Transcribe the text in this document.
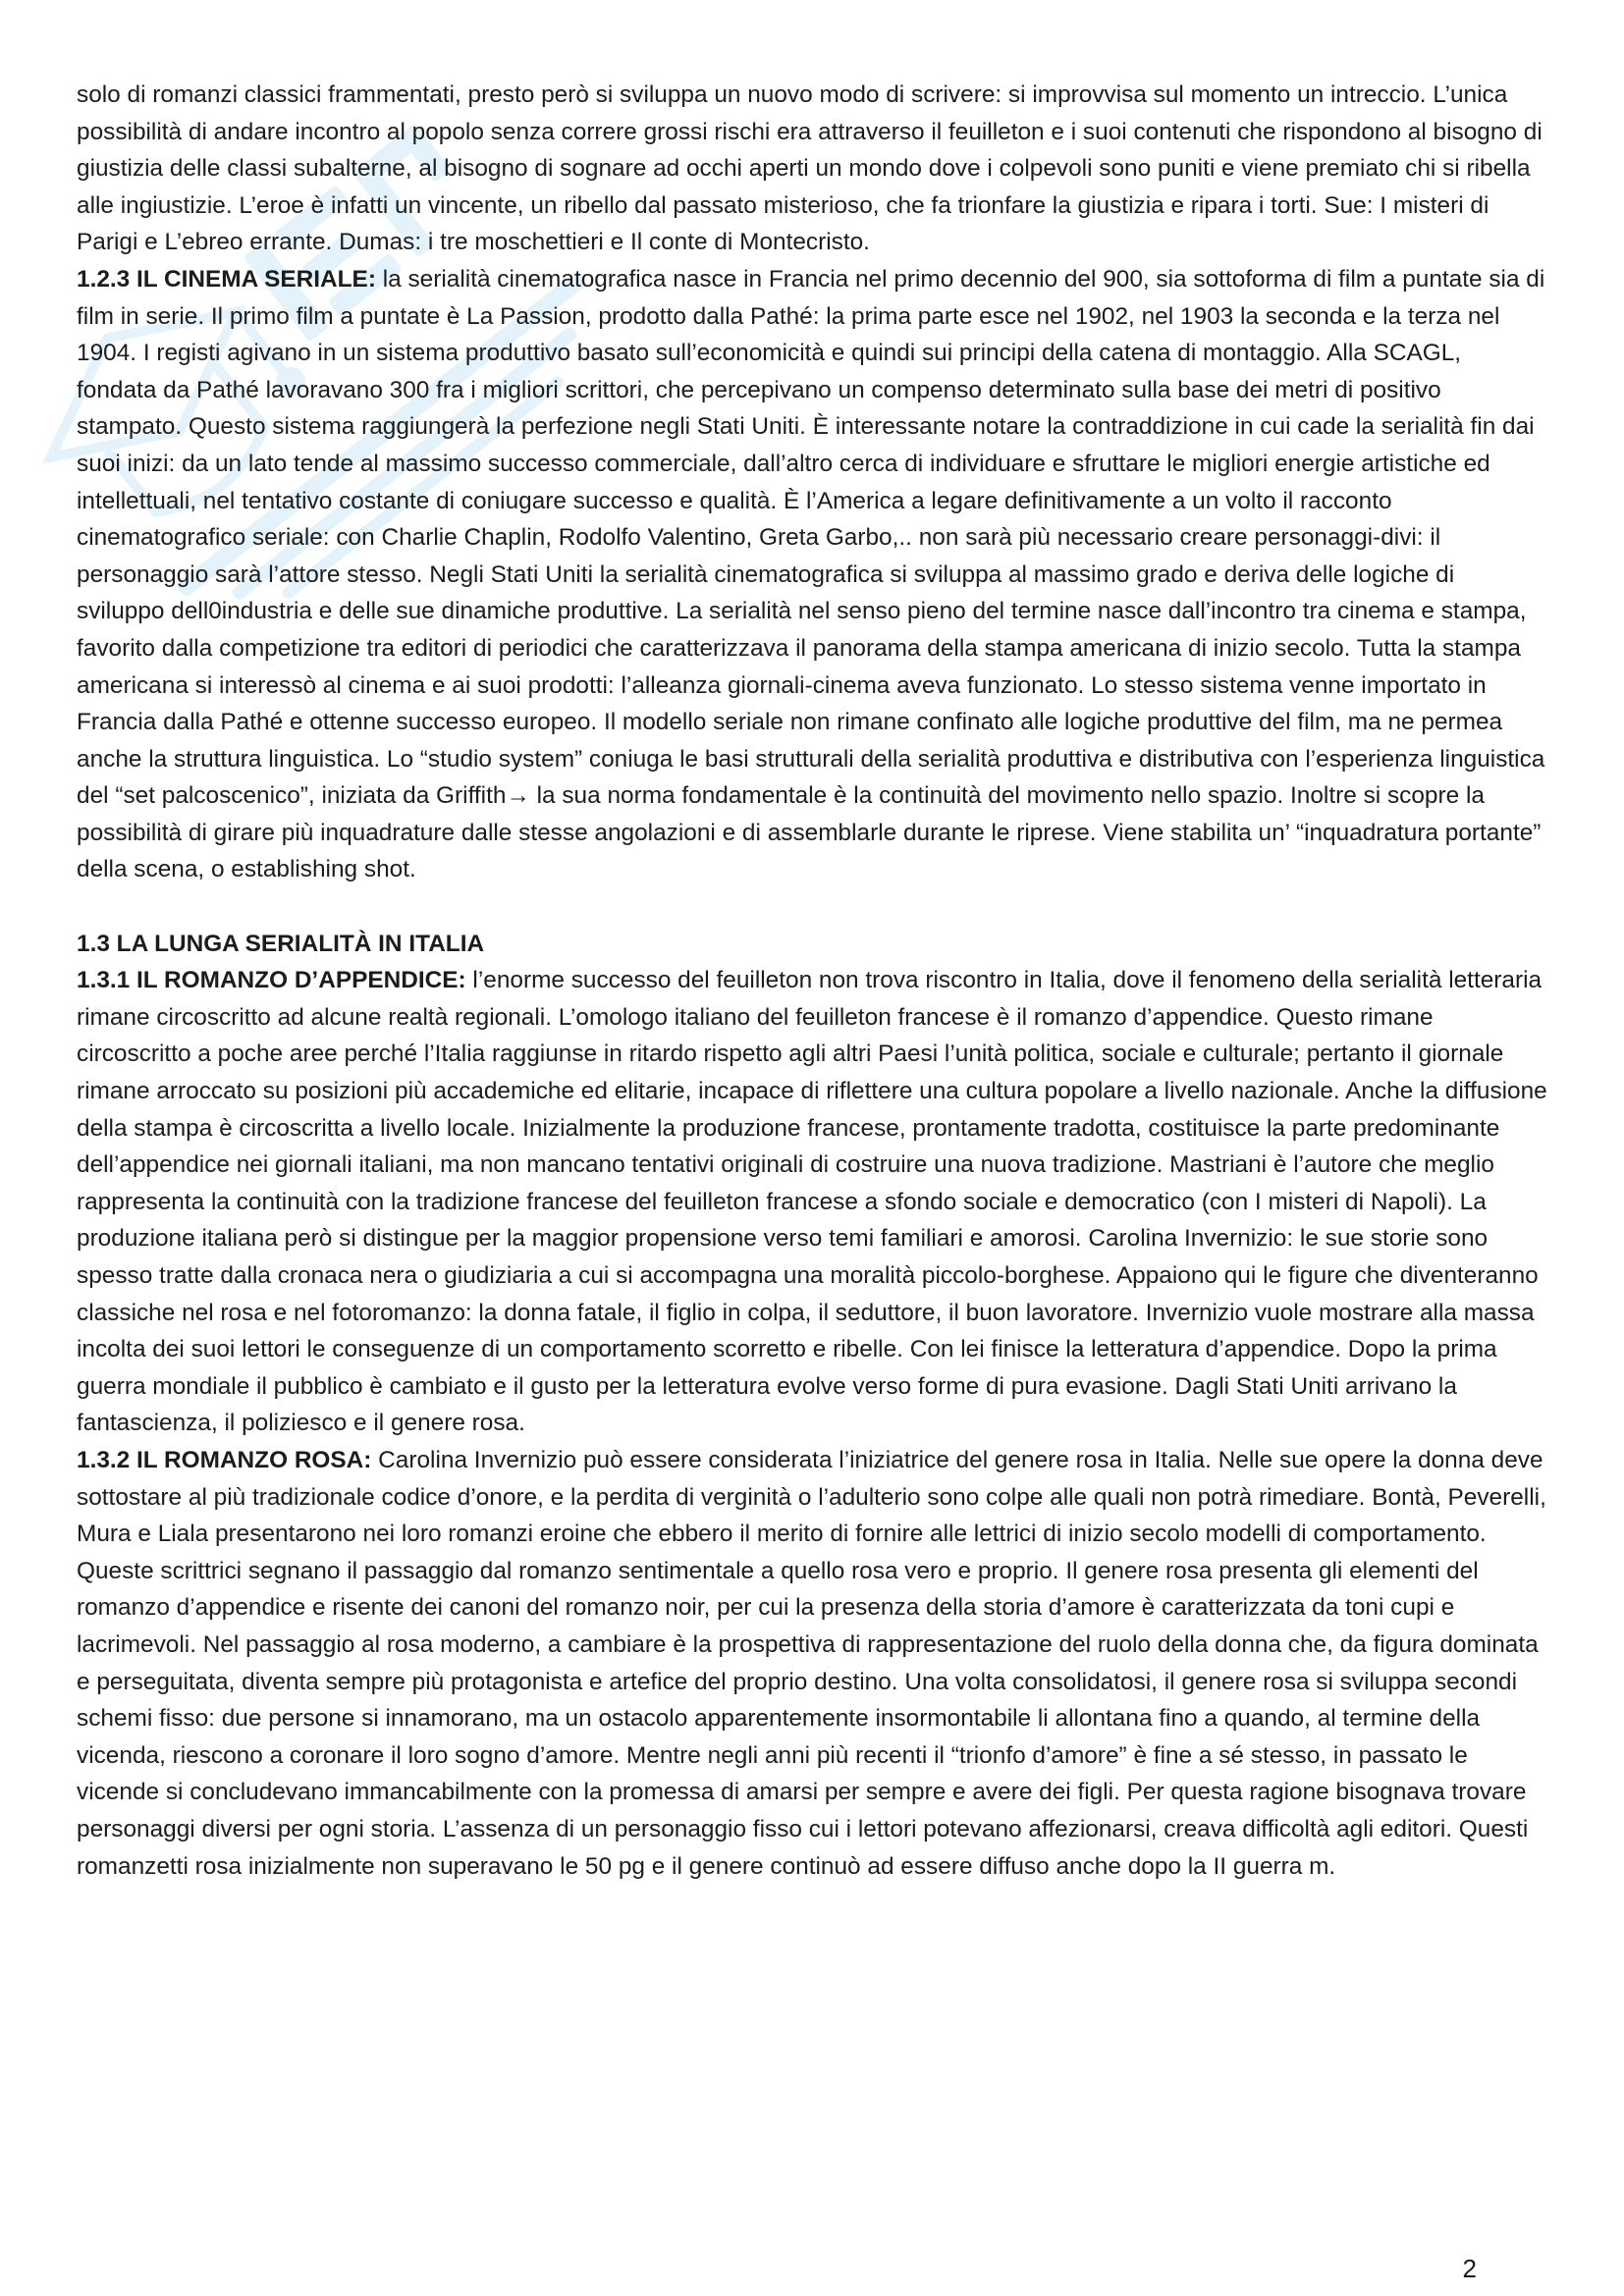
solo di romanzi classici frammentati, presto però si sviluppa un nuovo modo di scrivere: si improvvisa sul momento un intreccio. L’unica possibilità di andare incontro al popolo senza correre grossi rischi era attraverso il feuilleton e i suoi contenuti che rispondono al bisogno di giustizia delle classi subalterne, al bisogno di sognare ad occhi aperti un mondo dove i colpevoli sono puniti e viene premiato chi si ribella alle ingiustizie. L’eroe è infatti un vincente, un ribello dal passato misterioso, che fa trionfare la giustizia e ripara i torti. Sue: I misteri di Parigi e L’ebreo errante. Dumas: i tre moschettieri e Il conte di Montecristo.

1.2.3 IL CINEMA SERIALE: la serialità cinematografica nasce in Francia nel primo decennio del 900, sia sottoforma di film a puntate sia di film in serie. Il primo film a puntate è La Passion, prodotto dalla Pathé: la prima parte esce nel 1902, nel 1903 la seconda e la terza nel 1904. I registi agivano in un sistema produttivo basato sull’economicità e quindi sui principi della catena di montaggio. Alla SCAGL, fondata da Pathé lavoravano 300 fra i migliori scrittori, che percepivano un compenso determinato sulla base dei metri di positivo stampato. Questo sistema raggiungerà la perfezione negli Stati Uniti. È interessante notare la contraddizione in cui cade la serialità fin dai suoi inizi: da un lato tende al massimo successo commerciale, dall’altro cerca di individuare e sfruttare le migliori energie artistiche ed intellettuali, nel tentativo costante di coniugare successo e qualità. È l’America a legare definitivamente a un volto il racconto cinematografico seriale: con Charlie Chaplin, Rodolfo Valentino, Greta Garbo,.. non sarà più necessario creare personaggi-divi: il personaggio sarà l’attore stesso. Negli Stati Uniti la serialità cinematografica si sviluppa al massimo grado e deriva delle logiche di sviluppo dell0industria e delle sue dinamiche produttive. La serialità nel senso pieno del termine nasce dall’incontro tra cinema e stampa, favorito dalla competizione tra editori di periodici che caratterizzava il panorama della stampa americana di inizio secolo. Tutta la stampa americana si interessò al cinema e ai suoi prodotti: l’alleanza giornali-cinema aveva funzionato. Lo stesso sistema venne importato in Francia dalla Pathé e ottenne successo europeo. Il modello seriale non rimane confinato alle logiche produttive del film, ma ne permea anche la struttura linguistica. Lo “studio system” coniuga le basi strutturali della serialità produttiva e distributiva con l’esperienza linguistica del “set palcoscenico”, iniziata da Griffith→ la sua norma fondamentale è la continuità del movimento nello spazio. Inoltre si scopre la possibilità di girare più inquadrature dalle stesse angolazioni e di assemblarle durante le riprese. Viene stabilita un’ “inquadratura portante” della scena, o establishing shot.

1.3 LA LUNGA SERIALITÀ IN ITALIA

1.3.1 IL ROMANZO D’APPENDICE: l’enorme successo del feuilleton non trova riscontro in Italia, dove il fenomeno della serialità letteraria rimane circoscritto ad alcune realtà regionali. L’omologo italiano del feuilleton francese è il romanzo d’appendice. Questo rimane circoscritto a poche aree perché l’Italia raggiunse in ritardo rispetto agli altri Paesi l’unità politica, sociale e culturale; pertanto il giornale rimane arroccato su posizioni più accademiche ed elitarie, incapace di riflettere una cultura popolare a livello nazionale. Anche la diffusione della stampa è circoscritta a livello locale. Inizialmente la produzione francese, prontamente tradotta, costituisce la parte predominante dell’appendice nei giornali italiani, ma non mancano tentativi originali di costruire una nuova tradizione. Mastriani è l’autore che meglio rappresenta la continuità con la tradizione francese del feuilleton francese a sfondo sociale e democratico (con I misteri di Napoli). La produzione italiana però si distingue per la maggior propensione verso temi familiari e amorosi. Carolina Invernizio: le sue storie sono spesso tratte dalla cronaca nera o giudiziaria a cui si accompagna una moralità piccolo-borghese. Appaiono qui le figure che diventeranno classiche nel rosa e nel fotoromanzo: la donna fatale, il figlio in colpa, il seduttore, il buon lavoratore. Invernizio vuole mostrare alla massa incolta dei suoi lettori le conseguenze di un comportamento scorretto e ribelle. Con lei finisce la letteratura d’appendice. Dopo la prima guerra mondiale il pubblico è cambiato e il gusto per la letteratura evolve verso forme di pura evasione. Dagli Stati Uniti arrivano la fantascienza, il poliziesco e il genere rosa.

1.3.2 IL ROMANZO ROSA: Carolina Invernizio può essere considerata l’iniziatrice del genere rosa in Italia. Nelle sue opere la donna deve sottostare al più tradizionale codice d’onore, e la perdita di verginità o l’adulterio sono colpe alle quali non potrà rimediare. Bontà, Peverelli, Mura e Liala presentarono nei loro romanzi eroine che ebbero il merito di fornire alle lettrici di inizio secolo modelli di comportamento. Queste scrittrici segnano il passaggio dal romanzo sentimentale a quello rosa vero e proprio. Il genere rosa presenta gli elementi del romanzo d’appendice e risente dei canoni del romanzo noir, per cui la presenza della storia d’amore è caratterizzata da toni cupi e lacrimevoli. Nel passaggio al rosa moderno, a cambiare è la prospettiva di rappresentazione del ruolo della donna che, da figura dominata e perseguitata, diventa sempre più protagonista e artefice del proprio destino. Una volta consolidatosi, il genere rosa si sviluppa secondi schemi fisso: due persone si innamorano, ma un ostacolo apparentemente insormontabile li allontana fino a quando, al termine della vicenda, riescono a coronare il loro sogno d’amore. Mentre negli anni più recenti il “trionfo d’amore” è fine a sé stesso, in passato le vicende si concludevano immancabilmente con la promessa di amarsi per sempre e avere dei figli. Per questa ragione bisognava trovare personaggi diversi per ogni storia. L’assenza di un personaggio fisso cui i lettori potevano affezionarsi, creava difficoltà agli editori. Questi romanzetti rosa inizialmente non superavano le 50 pg e il genere continuò ad essere diffuso anche dopo la II guerra m.

2
